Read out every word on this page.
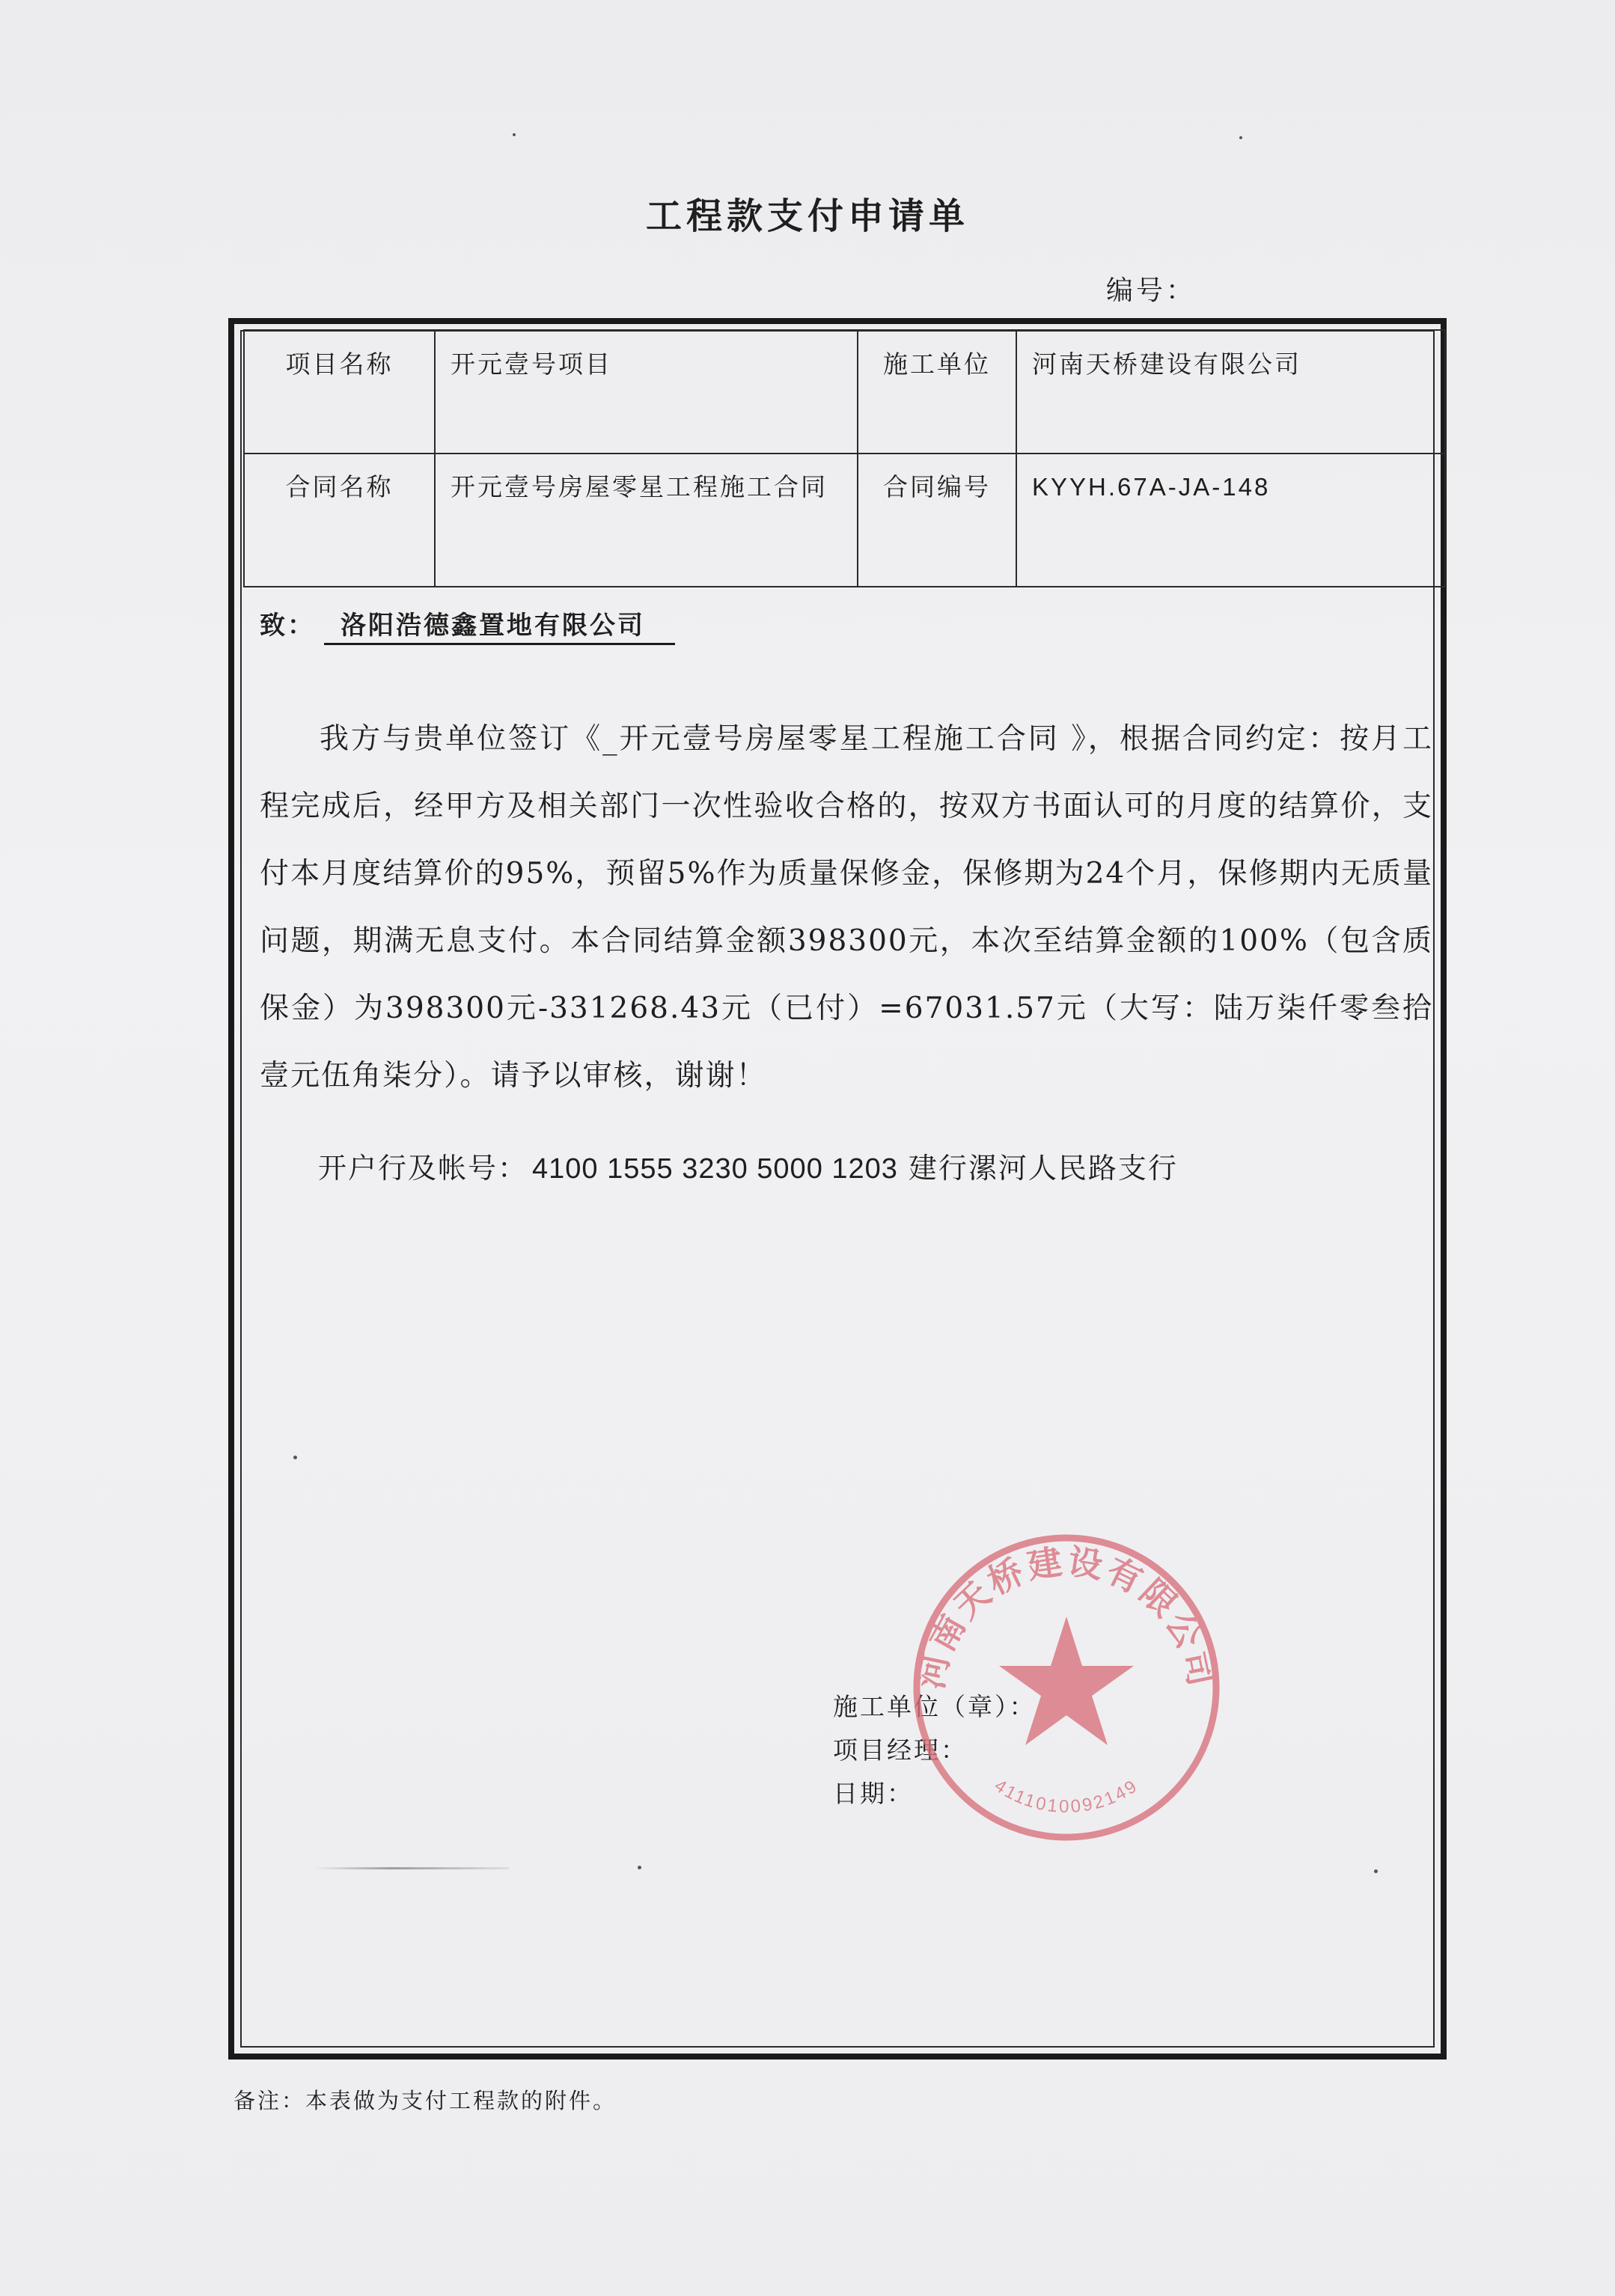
工程款支付申请单
编号：
项目名称	开元壹号项目	施工单位	河南天桥建设有限公司
合同名称	开元壹号房屋零星工程施工合同	合同编号	KYYH.67A-JA-148
致： 洛阳浩德鑫置地有限公司
我方与贵单位签订《_开元壹号房屋零星工程施工合同 》，根据合同约定：按月工程完成后，经甲方及相关部门一次性验收合格的，按双方书面认可的月度的结算价，支付本月度结算价的95%，预留5%作为质量保修金，保修期为24个月，保修期内无质量问题，期满无息支付。本合同结算金额398300元，本次至结算金额的100%（包含质保金）为398300元-331268.43元（已付）=67031.57元（大写：陆万柒仟零叁拾壹元伍角柒分）。请予以审核，谢谢！
开户行及帐号： 4100 1555 3230 5000 1203 建行漯河人民路支行
施工单位（章）：
项目经理：
日期：
河南天桥建设有限公司
4111010092149
备注：本表做为支付工程款的附件。
